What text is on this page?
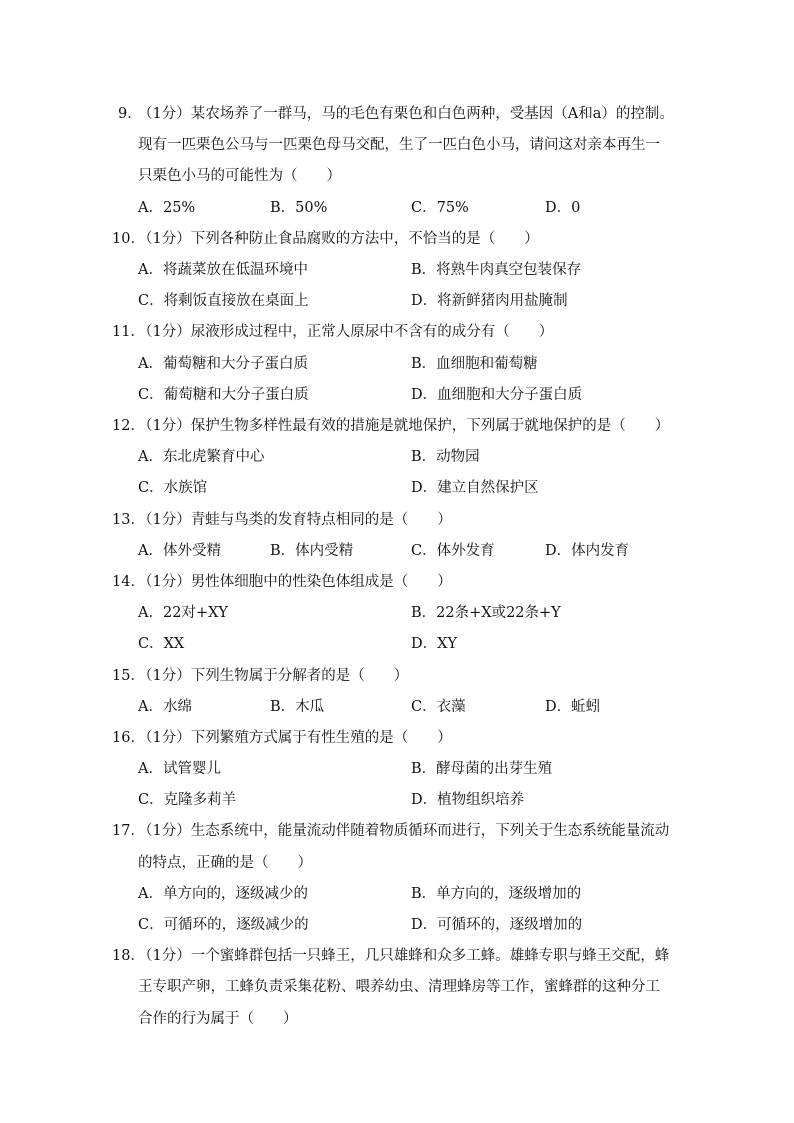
9．
（1分）某农场养了一群马，马的毛色有栗色和白色两种，受基因（A和a）的控制。现有一匹栗色公马与一匹栗色母马交配，生了一匹白色小马，请问这对亲本再生一只栗色小马的可能性为（　　）
A．25%	B．50%	C．75%	D．0
10．
（1分）下列各种防止食品腐败的方法中，不恰当的是（　　）
A．将蔬菜放在低温环境中	B．将熟牛肉真空包装保存
C．将剩饭直接放在桌面上	D．将新鲜猪肉用盐腌制
11．
（1分）尿液形成过程中，正常人原尿中不含有的成分有（　　）
A．葡萄糖和大分子蛋白质	B．血细胞和葡萄糖
C．葡萄糖和大分子蛋白质	D．血细胞和大分子蛋白质
12．
（1分）保护生物多样性最有效的措施是就地保护，下列属于就地保护的是（　　）
A．东北虎繁育中心	B．动物园
C．水族馆	D．建立自然保护区
13．
（1分）青蛙与鸟类的发育特点相同的是（　　）
A．体外受精	B．体内受精	C．体外发育	D．体内发育
14．
（1分）男性体细胞中的性染色体组成是（　　）
A．22对+XY	B．22条+X或22条+Y
C．XX	D．XY
15．
（1分）下列生物属于分解者的是（　　）
A．水绵	B．木瓜	C．衣藻	D．蚯蚓
16．
（1分）下列繁殖方式属于有性生殖的是（　　）
A．试管婴儿	B．酵母菌的出芽生殖
C．克隆多莉羊	D．植物组织培养
17．
（1分）生态系统中，能量流动伴随着物质循环而进行，下列关于生态系统能量流动的特点，正确的是（　　）
A．单方向的，逐级减少的	B．单方向的，逐级增加的
C．可循环的，逐级减少的	D．可循环的，逐级增加的
18．
（1分）一个蜜蜂群包括一只蜂王，几只雄蜂和众多工蜂。雄蜂专职与蜂王交配，蜂王专职产卵，工蜂负责采集花粉、喂养幼虫、清理蜂房等工作，蜜蜂群的这种分工合作的行为属于（　　）
